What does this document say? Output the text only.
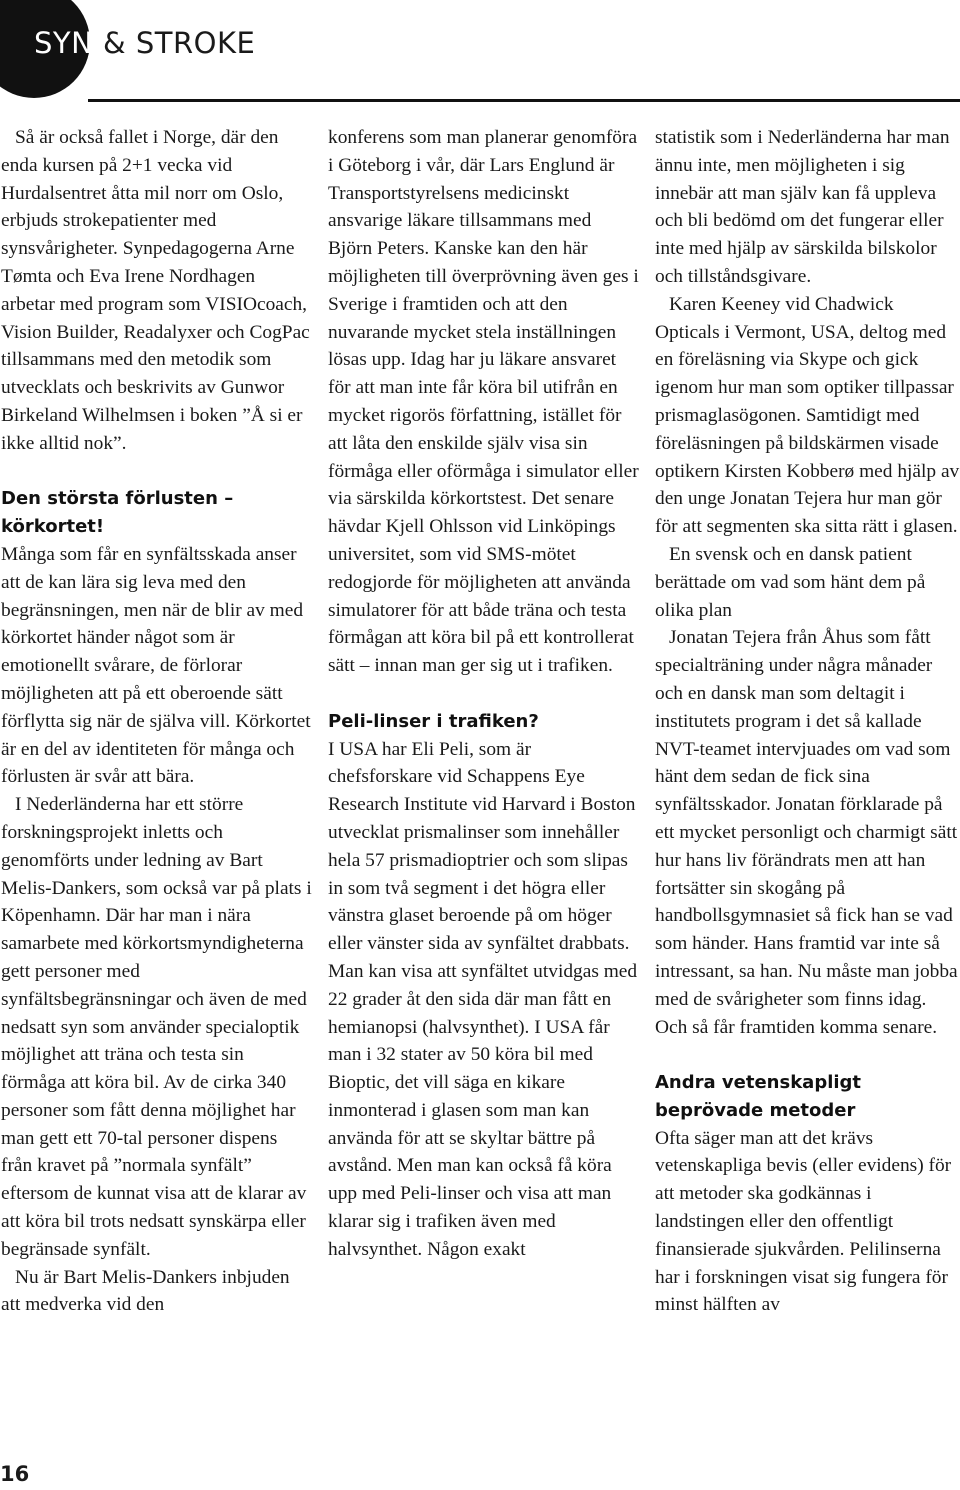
SYN & STROKE

Så är också fallet i Norge, där den enda kursen på 2+1 vecka vid Hurdalsentret åtta mil norr om Oslo, erbjuds strokepatienter med synsvårigheter. Synpedagogerna Arne Tømta och Eva Irene Nordhagen arbetar med program som VISIOcoach, Vision Builder, Readalyxer och CogPac tillsammans med den metodik som utvecklats och beskrivits av Gunwor Birkeland Wilhelmsen i boken ”Å si er ikke alltid nok”.

Den största förlusten – körkortet!

Många som får en synfältsskada anser att de kan lära sig leva med den begränsningen, men när de blir av med körkortet händer något som är emotionellt svårare, de förlorar möjligheten att på ett oberoende sätt förflytta sig när de själva vill. Körkortet är en del av identiteten för många och förlusten är svår att bära.

I Nederländerna har ett större forskningsprojekt inletts och genomförts under ledning av Bart Melis-Dankers, som också var på plats i Köpenhamn. Där har man i nära samarbete med körkortsmyndigheterna gett personer med synfältsbegränsningar och även de med nedsatt syn som använder specialoptik möjlighet att träna och testa sin förmåga att köra bil. Av de cirka 340 personer som fått denna möjlighet har man gett ett 70-tal personer dispens från kravet på ”normala synfält” eftersom de kunnat visa att de klarar av att köra bil trots nedsatt synskärpa eller begränsade synfält.

Nu är Bart Melis-Dankers inbjuden att medverka vid den

konferens som man planerar genomföra i Göteborg i vår, där Lars Englund är Transportstyrelsens medicinskt ansvarige läkare tillsammans med Björn Peters. Kanske kan den här möjligheten till överprövning även ges i Sverige i framtiden och att den nuvarande mycket stela inställningen lösas upp. Idag har ju läkare ansvaret för att man inte får köra bil utifrån en mycket rigorös författning, istället för att låta den enskilde själv visa sin förmåga eller oförmåga i simulator eller via särskilda körkortstest. Det senare hävdar Kjell Ohlsson vid Linköpings universitet, som vid SMS-mötet redogjorde för möjligheten att använda simulatorer för att både träna och testa förmågan att köra bil på ett kontrollerat sätt – innan man ger sig ut i trafiken.

Peli-linser i trafiken?

I USA har Eli Peli, som är chefsforskare vid Schappens Eye Research Institute vid Harvard i Boston utvecklat prismalinser som innehåller hela 57 prismadioptrier och som slipas in som två segment i det högra eller vänstra glaset beroende på om höger eller vänster sida av synfältet drabbats. Man kan visa att synfältet utvidgas med 22 grader åt den sida där man fått en hemianopsi (halvsynthet). I USA får man i 32 stater av 50 köra bil med Bioptic, det vill säga en kikare inmonterad i glasen som man kan använda för att se skyltar bättre på avstånd. Men man kan också få köra upp med Peli-linser och visa att man klarar sig i trafiken även med halvsynthet. Någon exakt

statistik som i Nederländerna har man ännu inte, men möjligheten i sig innebär att man själv kan få uppleva och bli bedömd om det fungerar eller inte med hjälp av särskilda bilskolor och tillståndsgivare.

Karen Keeney vid Chadwick Opticals i Vermont, USA, deltog med en föreläsning via Skype och gick igenom hur man som optiker tillpassar prismaglasögonen. Samtidigt med föreläsningen på bildskärmen visade optikern Kirsten Kobberø med hjälp av den unge Jonatan Tejera hur man gör för att segmenten ska sitta rätt i glasen.

En svensk och en dansk patient berättade om vad som hänt dem på olika plan

Jonatan Tejera från Åhus som fått specialträning under några månader och en dansk man som deltagit i institutets program i det så kallade NVT-teamet intervjuades om vad som hänt dem sedan de fick sina synfältsskador. Jonatan förklarade på ett mycket personligt och charmigt sätt hur hans liv förändrats men att han fortsätter sin skogång på handbollsgymnasiet så fick han se vad som händer. Hans framtid var inte så intressant, sa han. Nu måste man jobba med de svårigheter som finns idag. Och så får framtiden komma senare.

Andra vetenskapligt beprövade metoder

Ofta säger man att det krävs vetenskapliga bevis (eller evidens) för att metoder ska godkännas i landstingen eller den offentligt finansierade sjukvården. Pelilinserna har i forskningen visat sig fungera för minst hälften av

16
